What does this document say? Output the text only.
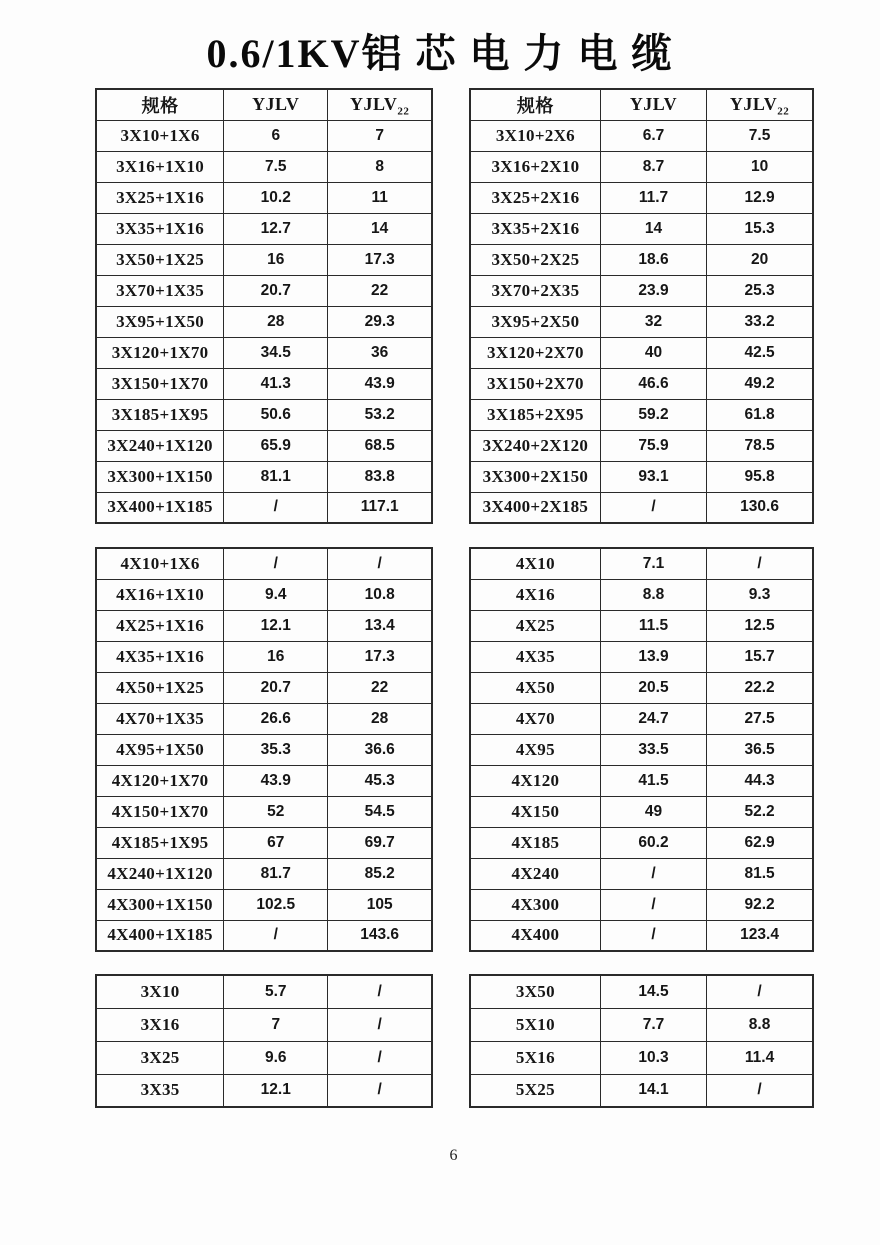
0.6/1KV铝 芯 电 力 电 缆
规格	YJLV	$YJLV_{22}$
3X10+1X6	6	7
3X16+1X10	7.5	8
3X25+1X16	10.2	11
3X35+1X16	12.7	14
3X50+1X25	16	17.3
3X70+1X35	20.7	22
3X95+1X50	28	29.3
3X120+1X70	34.5	36
3X150+1X70	41.3	43.9
3X185+1X95	50.6	53.2
3X240+1X120	65.9	68.5
3X300+1X150	81.1	83.8
3X400+1X185	/	117.1
4X10+1X6	/	/
4X16+1X10	9.4	10.8
4X25+1X16	12.1	13.4
4X35+1X16	16	17.3
4X50+1X25	20.7	22
4X70+1X35	26.6	28
4X95+1X50	35.3	36.6
4X120+1X70	43.9	45.3
4X150+1X70	52	54.5
4X185+1X95	67	69.7
4X240+1X120	81.7	85.2
4X300+1X150	102.5	105
4X400+1X185	/	143.6
3X10	5.7	/
3X16	7	/
3X25	9.6	/
3X35	12.1	/
规格	YJLV	$YJLV_{22}$
3X10+2X6	6.7	7.5
3X16+2X10	8.7	10
3X25+2X16	11.7	12.9
3X35+2X16	14	15.3
3X50+2X25	18.6	20
3X70+2X35	23.9	25.3
3X95+2X50	32	33.2
3X120+2X70	40	42.5
3X150+2X70	46.6	49.2
3X185+2X95	59.2	61.8
3X240+2X120	75.9	78.5
3X300+2X150	93.1	95.8
3X400+2X185	/	130.6
4X10	7.1	/
4X16	8.8	9.3
4X25	11.5	12.5
4X35	13.9	15.7
4X50	20.5	22.2
4X70	24.7	27.5
4X95	33.5	36.5
4X120	41.5	44.3
4X150	49	52.2
4X185	60.2	62.9
4X240	/	81.5
4X300	/	92.2
4X400	/	123.4
3X50	14.5	/
5X10	7.7	8.8
5X16	10.3	11.4
5X25	14.1	/
6
